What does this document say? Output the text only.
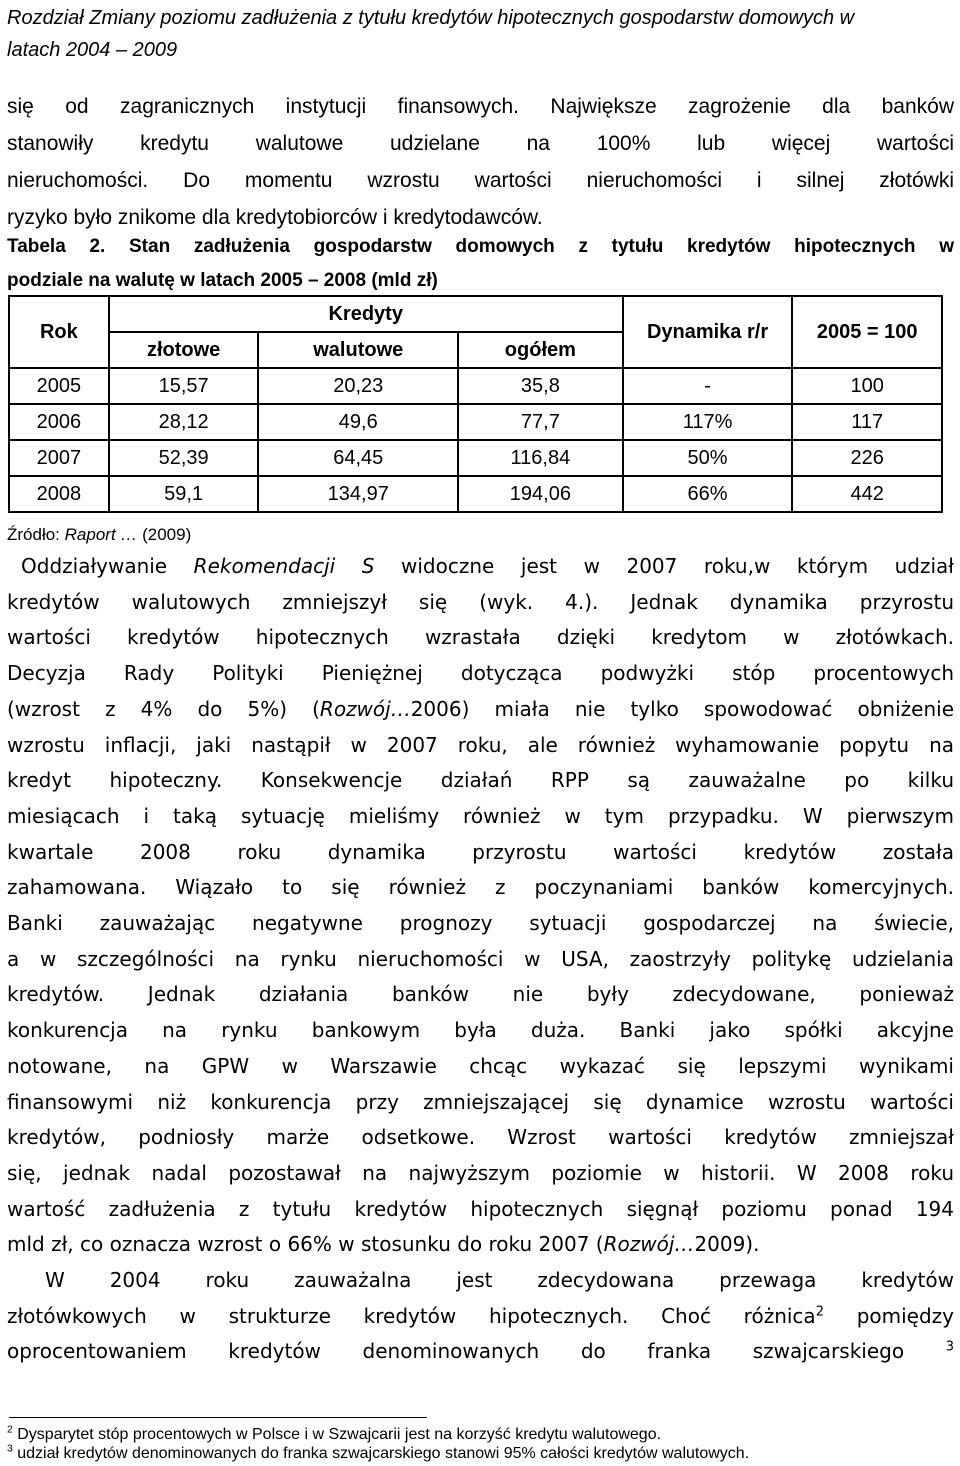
Rozdział Zmiany poziomu zadłużenia z tytułu kredytów hipotecznych gospodarstw domowych w
latach 2004 – 2009
się od zagranicznych instytucji finansowych. Największe zagrożenie dla banków
stanowiły kredytu walutowe udzielane na 100% lub więcej wartości
nieruchomości. Do momentu wzrostu wartości nieruchomości i silnej złotówki
ryzyko było znikome dla kredytobiorców i kredytodawców.
Tabela 2. Stan zadłużenia gospodarstw domowych z tytułu kredytów hipotecznych w
podziale na walutę w latach 2005 – 2008 (mld zł)
Rok	Kredyty			Dynamika r/r	2005 = 100
	złotowe	walutowe	ogółem		
2005	15,57	20,23	35,8	-	100
2006	28,12	49,6	77,7	117%	117
2007	52,39	64,45	116,84	50%	226
2008	59,1	134,97	194,06	66%	442
Źródło: Raport … (2009)
Oddziaływanie Rekomendacji S widoczne jest w 2007 roku,w którym udział
kredytów walutowych zmniejszył się (wyk. 4.). Jednak dynamika przyrostu
wartości kredytów hipotecznych wzrastała dzięki kredytom w złotówkach.
Decyzja Rady Polityki Pieniężnej dotycząca podwyżki stóp procentowych
(wzrost z 4% do 5%) (Rozwój…2006) miała nie tylko spowodować obniżenie
wzrostu inflacji, jaki nastąpił w 2007 roku, ale również wyhamowanie popytu na
kredyt hipoteczny. Konsekwencje działań RPP są zauważalne po kilku
miesiącach i taką sytuację mieliśmy również w tym przypadku. W pierwszym
kwartale 2008 roku dynamika przyrostu wartości kredytów została
zahamowana. Wiązało to się również z poczynaniami banków komercyjnych.
Banki zauważając negatywne prognozy sytuacji gospodarczej na świecie,
a w szczególności na rynku nieruchomości w USA, zaostrzyły politykę udzielania
kredytów. Jednak działania banków nie były zdecydowane, ponieważ
konkurencja na rynku bankowym była duża. Banki jako spółki akcyjne
notowane, na GPW w Warszawie chcąc wykazać się lepszymi wynikami
finansowymi niż konkurencja przy zmniejszającej się dynamice wzrostu wartości
kredytów, podniosły marże odsetkowe. Wzrost wartości kredytów zmniejszał
się, jednak nadal pozostawał na najwyższym poziomie w historii. W 2008 roku
wartość zadłużenia z tytułu kredytów hipotecznych sięgnął poziomu ponad 194
mld zł, co oznacza wzrost o 66% w stosunku do roku 2007 (Rozwój…2009).
W 2004 roku zauważalna jest zdecydowana przewaga kredytów
złotówkowych w strukturze kredytów hipotecznych. Choć różnica$^2$ pomiędzy
oprocentowaniem kredytów denominowanych do franka szwajcarskiego	$^3$
$^2$ Dysparytet stóp procentowych w Polsce i w Szwajcarii jest na korzyść kredytu walutowego.
$^3$ udział kredytów denominowanych do franka szwajcarskiego stanowi 95% całości kredytów walutowych.
